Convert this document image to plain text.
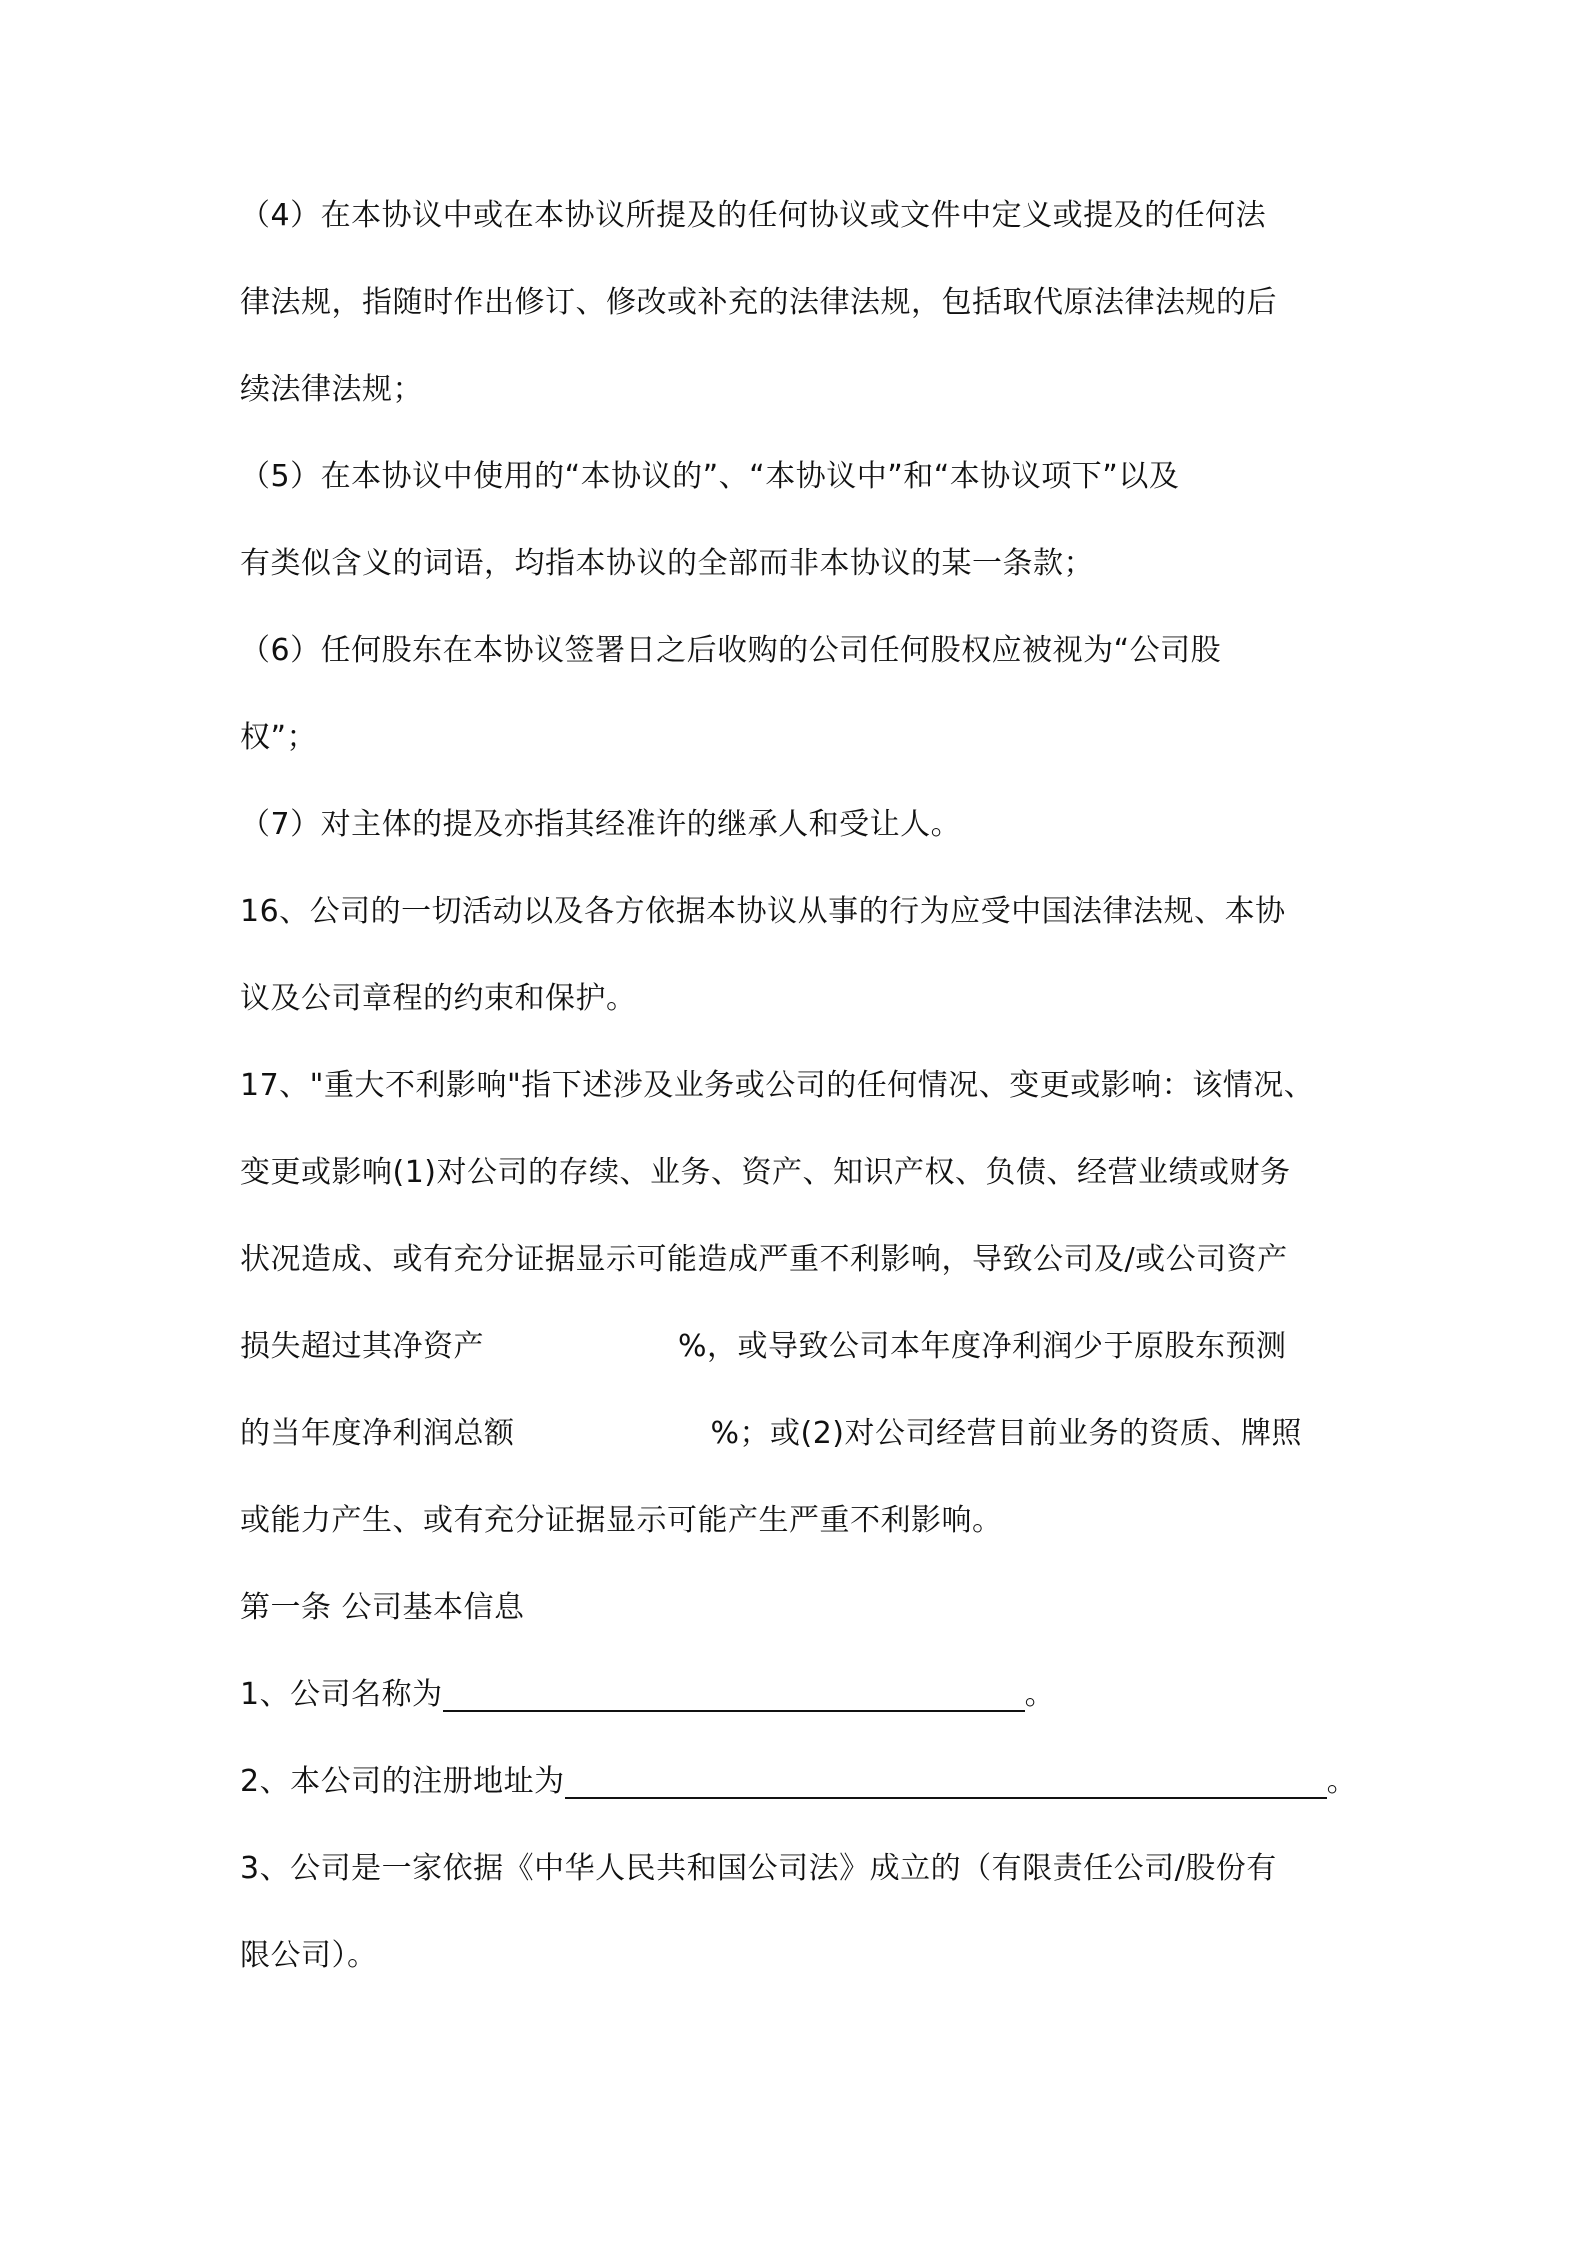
（4）在本协议中或在本协议所提及的任何协议或文件中定义或提及的任何法
律法规，指随时作出修订、修改或补充的法律法规，包括取代原法律法规的后
续法律法规；
（5）在本协议中使用的“本协议的”、“本协议中”和“本协议项下”以及
有类似含义的词语，均指本协议的全部而非本协议的某一条款；
（6）任何股东在本协议签署日之后收购的公司任何股权应被视为“公司股
权”；
（7）对主体的提及亦指其经准许的继承人和受让人。
16、公司的一切活动以及各方依据本协议从事的行为应受中国法律法规、本协
议及公司章程的约束和保护。
17、"重大不利影响"指下述涉及业务或公司的任何情况、变更或影响：该情况、
变更或影响(1)对公司的存续、业务、资产、知识产权、负债、经营业绩或财务
状况造成、或有充分证据显示可能造成严重不利影响，导致公司及/或公司资产
损失超过其净资产	%，或导致公司本年度净利润少于原股东预测
的当年度净利润总额	%；或(2)对公司经营目前业务的资质、牌照
或能力产生、或有充分证据显示可能产生严重不利影响。
第一条 公司基本信息
1、公司名称为	。
2、本公司的注册地址为	。
3、公司是一家依据《中华人民共和国公司法》成立的（有限责任公司/股份有
限公司）。
